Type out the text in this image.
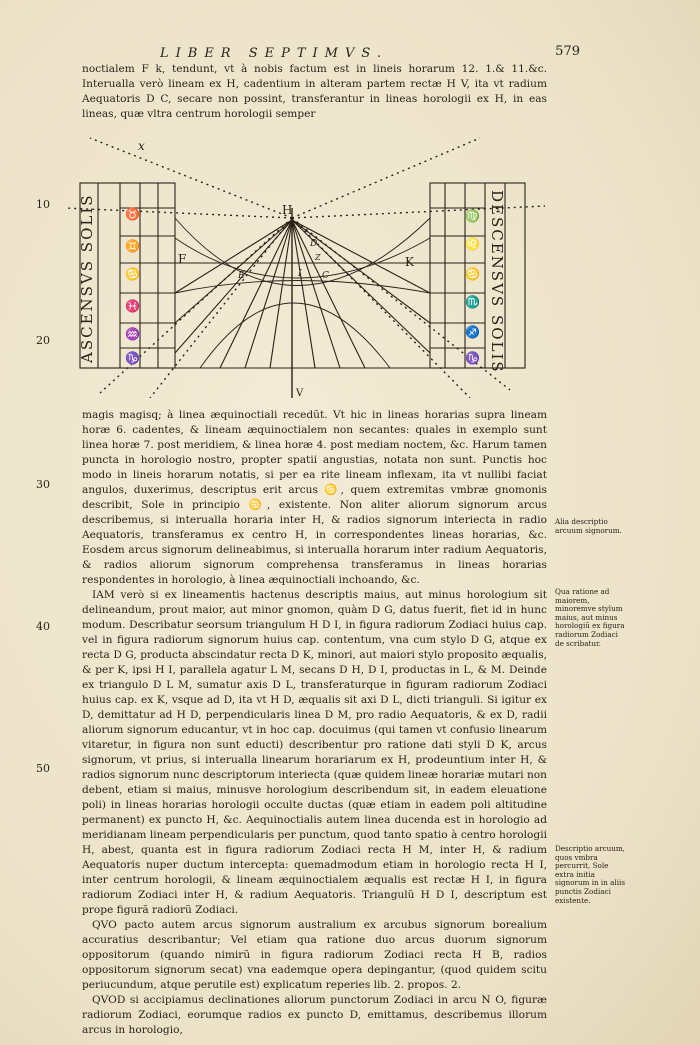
LIBER SEPTIMVS.	579

noctialem F k, tendunt, vt à nobis factum est in lineis horarum 12. 1.& 11.&c. Interualla verò lineam ex H, cadentium in alteram partem rectæ H V, ita vt radium Aequatoris D C, secare non possint, transferantur in lineas horologii ex H, in eas lineas, quæ vltra centrum horologii semper

ASCENSVS SOLIS	DESCENSVS SOLIS
♉
♊
♋
♓
♒
♑
♍
♌
♋
♏
♐
♑
x
H
F	K
D
I
V
E	C
Z
10
20
30
40
50

magis magisq; à linea æquinoctiali recedũt. Vt hic in lineas horarias supra lineam horæ 6. cadentes, & lineam æquinoctialem non secantes: quales in exemplo sunt linea horæ 7. post meridiem, & linea horæ 4. post mediam noctem, &c. Harum tamen puncta in horologio nostro, propter spatii angustias, notata non sunt. Punctis hoc modo in lineis horarum notatis, si per ea rite lineam inflexam, ita vt nullibi faciat angulos, duxerimus, descriptus erit arcus ♋, quem extremitas vmbræ gnomonis describit, Sole in principio ♋, existente. Non aliter aliorum signorum arcus describemus, si interualla horaria inter H, & radios signorum interiecta in radio Aequatoris, transferamus ex centro H, in correspondentes lineas horarias, &c. Eosdem arcus signorum delineabimus, si interualla horarum inter radium Aequatoris, & radios aliorum signorum comprehensa transferamus in lineas horarias respondentes in horologio, à linea æquinoctiali inchoando, &c.

IAM verò si ex lineamentis hactenus descriptis maius, aut minus horologium sit delineandum, prout maior, aut minor gnomon, quàm D G, datus fuerit, fiet id in hunc modum. Describatur seorsum triangulum H D I, in figura radiorum Zodiaci huius cap. vel in figura radiorum signorum huius cap. contentum, vna cum stylo D G, atque ex recta D G, producta abscindatur recta D K, minori, aut maiori stylo proposito æqualis, & per K, ipsi H I, parallela agatur L M, secans D H, D I, productas in L, & M. Deinde ex triangulo D L M, sumatur axis D L, transferaturque in figuram radiorum Zodiaci huius cap. ex K, vsque ad D, ita vt H D, æqualis sit axi D L, dicti trianguli. Si igitur ex D, demittatur ad H D, perpendicularis linea D M, pro radio Aequatoris, & ex D, radii aliorum signorum educantur, vt in hoc cap. docuimus (qui tamen vt confusio linearum vitaretur, in figura non sunt educti) describentur pro ratione dati styli D K, arcus signorum, vt prius, si interualla linearum horariarum ex H, prodeuntium inter H, & radios signorum nunc descriptorum interiecta (quæ quidem lineæ horariæ mutari non debent, etiam si maius, minusve horologium describendum sit, in eadem eleuatione poli) in lineas horarias horologii occulte ductas (quæ etiam in eadem poli altitudine permanent) ex puncto H, &c. Aequinoctialis autem linea ducenda est in horologio ad meridianam lineam perpendicularis per punctum, quod tanto spatio à centro horologii H, abest, quanta est in figura radiorum Zodiaci recta H M, inter H, & radium Aequatoris nuper ductum intercepta: quemadmodum etiam in horologio recta H I, inter centrum horologii, & lineam æquinoctialem æqualis est rectæ H I, in figura radiorum Zodiaci inter H, & radium Aequatoris. Triangulũ H D I, descriptum est prope figurã radiorũ Zodiaci.

QVO pacto autem arcus signorum australium ex arcubus signorum borealium accuratius describantur; Vel etiam qua ratione duo arcus duorum signorum oppositorum (quando nimirũ in figura radiorum Zodiaci recta H B, radios oppositorum signorum secat) vna eademque opera depingantur, (quod quidem scitu periucundum, atque perutile est) explicatum reperies lib. 2. propos. 2.

QVOD si accipiamus declinationes aliorum punctorum Zodiaci in arcu N O, figuræ radiorum Zodiaci, eorumque radios ex puncto D, emittamus, describemus illorum arcus in horologio,

Alia descriptio arcuum signorum.
Qua ratione ad maiorem, minoremve stylum maius, aut minus horologiũ ex figura radiorum Zodiaci de scribatur.
Descriptio arcuum, quos vmbra percurrit, Sole extra initia signorum in in aliis punctis Zodiaci existente.
